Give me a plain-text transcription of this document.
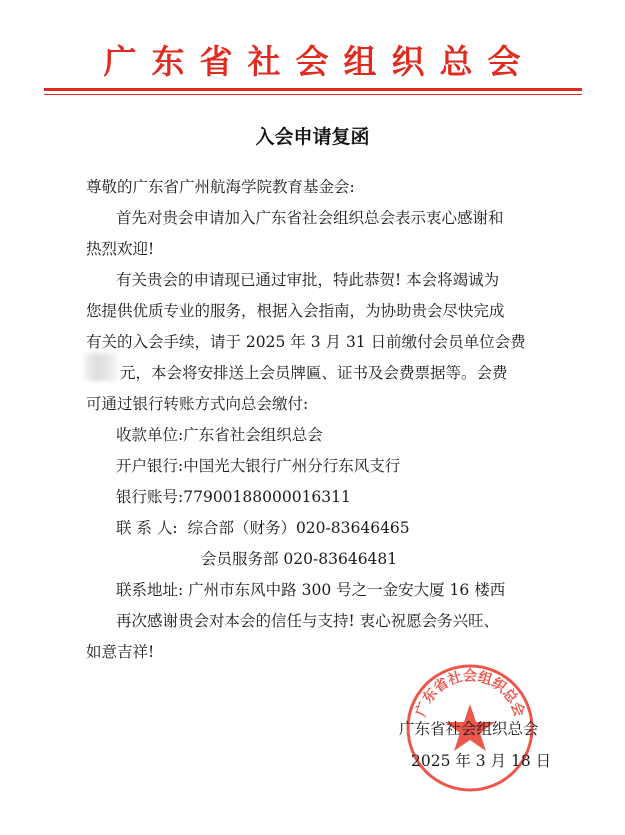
广东省社会组织总会
入会申请复函
尊敬的广东省广州航海学院教育基金会:
首先对贵会申请加入广东省社会组织总会表示衷心感谢和
热烈欢迎!
有关贵会的申请现已通过审批，特此恭贺! 本会将竭诚为
您提供优质专业的服务，根据入会指南，为协助贵会尽快完成
有关的入会手续，请于 2025 年 3 月 31 日前缴付会员单位会费
元，本会将安排送上会员牌匾、证书及会费票据等。会费
可通过银行转账方式向总会缴付:
收款单位:广东省社会组织总会
开户银行:中国光大银行广州分行东风支行
银行账号:77900188000016311
联 系 人: 综合部（财务）020-83646465
会员服务部 020-83646481
联系地址: 广州市东风中路 300 号之一金安大厦 16 楼西
再次感谢贵会对本会的信任与支持! 衷心祝愿会务兴旺、
如意吉祥!
广东省社会组织总会
广东省社会组织总会
2025 年 3 月 18 日
